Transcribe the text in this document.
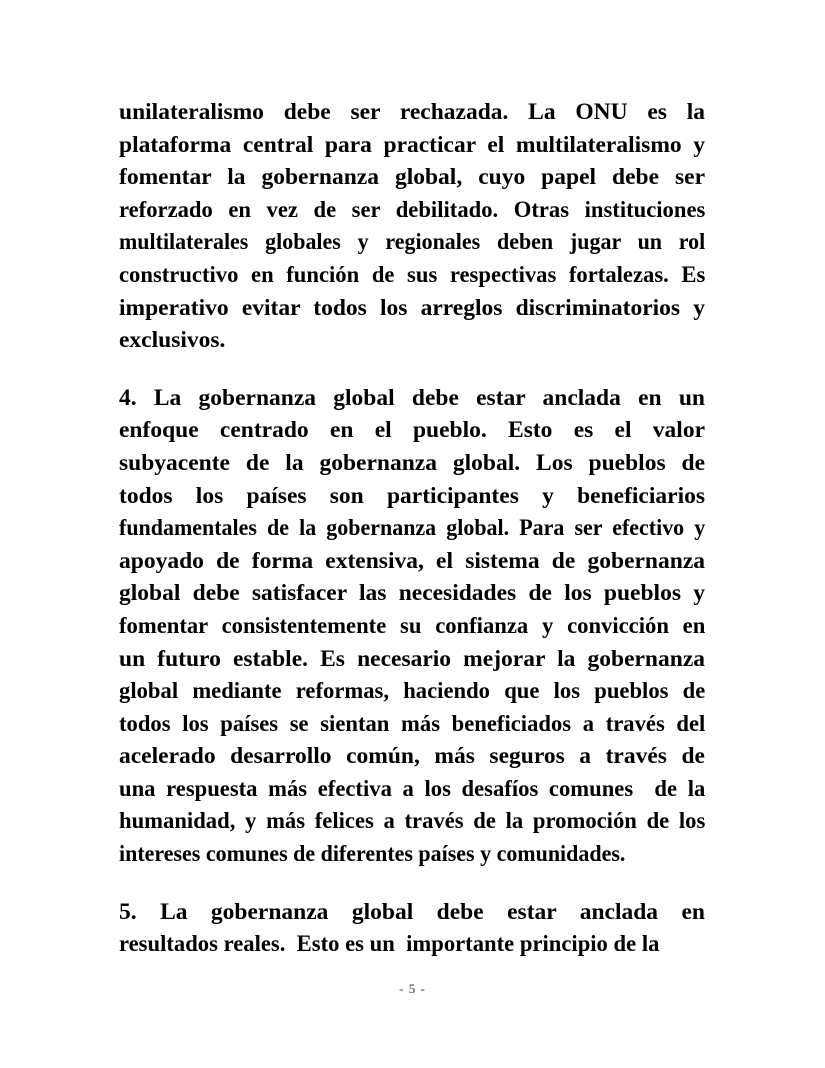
unilateralismo debe ser rechazada. La ONU es la
plataforma central para practicar el multilateralismo y
fomentar la gobernanza global, cuyo papel debe ser
reforzado en vez de ser debilitado. Otras instituciones
multilaterales globales y regionales deben jugar un rol
constructivo en función de sus respectivas fortalezas. Es
imperativo evitar todos los arreglos discriminatorios y
exclusivos.

4. La gobernanza global debe estar anclada en un
enfoque centrado en el pueblo. Esto es el valor
subyacente de la gobernanza global. Los pueblos de
todos los países son participantes y beneficiarios
fundamentales de la gobernanza global. Para ser efectivo y
apoyado de forma extensiva, el sistema de gobernanza
global debe satisfacer las necesidades de los pueblos y
fomentar consistentemente su confianza y convicción en
un futuro estable. Es necesario mejorar la gobernanza
global mediante reformas, haciendo que los pueblos de
todos los países se sientan más beneficiados a través del
acelerado desarrollo común, más seguros a través de
una respuesta más efectiva a los desafíos comunes  de la
humanidad, y más felices a través de la promoción de los
intereses comunes de diferentes países y comunidades.

5. La gobernanza global debe estar anclada en
resultados reales.  Esto es un  importante principio de la

- 5 -
